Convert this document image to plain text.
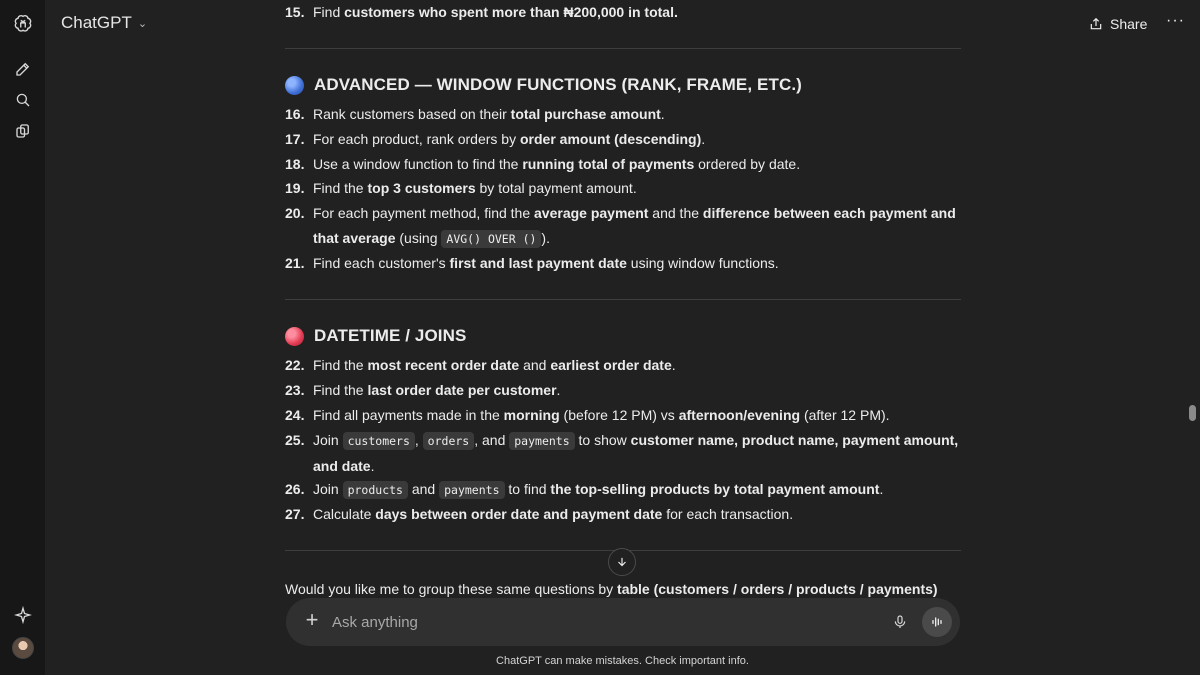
ChatGPT ⌄	Share ···
15. Find customers who spent more than ₦200,000 in total.
ADVANCED — WINDOW FUNCTIONS (RANK, FRAME, ETC.)
16. Rank customers based on their total purchase amount.
17. For each product, rank orders by order amount (descending).
18. Use a window function to find the running total of payments ordered by date.
19. Find the top 3 customers by total payment amount.
20. For each payment method, find the average payment and the difference between each payment and that average (using AVG() OVER () ).
21. Find each customer's first and last payment date using window functions.
DATETIME / JOINS
22. Find the most recent order date and earliest order date.
23. Find the last order date per customer.
24. Find all payments made in the morning (before 12 PM) vs afternoon/evening (after 12 PM).
25. Join customers , orders , and payments to show customer name, product name, payment amount, and date.
26. Join products and payments to find the top-selling products by total payment amount.
27. Calculate days between order date and payment date for each transaction.
Would you like me to group these same questions by table (customers / orders / products / payments)
+
Ask anything
ChatGPT can make mistakes. Check important info.
